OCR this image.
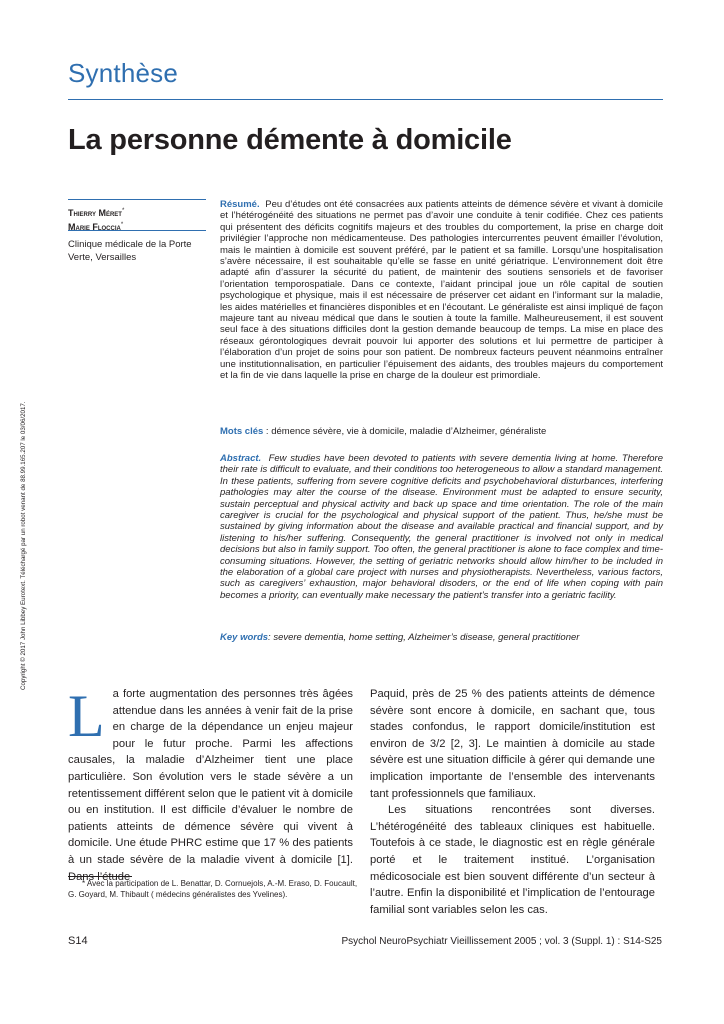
Synthèse
La personne démente à domicile
Thierry Méret*
Marie Floccia*
Clinique médicale de la Porte Verte, Versailles
Copyright © 2017 John Libbey Eurotext. Téléchargé par un robot venant de 88.99.165.207 le 03/06/2017.
Résumé. Peu d’études ont été consacrées aux patients atteints de démence sévère et vivant à domicile et l’hétérogénéité des situations ne permet pas d’avoir une conduite à tenir codifiée. Chez ces patients qui présentent des déficits cognitifs majeurs et des troubles du comportement, la prise en charge doit privilégier l’approche non médicamenteuse. Des pathologies intercurrentes peuvent émailler l’évolution, mais le maintien à domicile est souvent préféré, par le patient et sa famille. Lorsqu’une hospitalisation s’avère nécessaire, il est souhaitable qu’elle se fasse en unité gériatrique. L’environnement doit être adapté afin d’assurer la sécurité du patient, de maintenir des soutiens sensoriels et de favoriser l’orientation temporospatiale. Dans ce contexte, l’aidant principal joue un rôle capital de soutien psychologique et physique, mais il est nécessaire de préserver cet aidant en l’informant sur la maladie, les aides matérielles et financières disponibles et en l’écoutant. Le généraliste est ainsi impliqué de façon majeure tant au niveau médical que dans le soutien à toute la famille. Malheureusement, il est souvent seul face à des situations difficiles dont la gestion demande beaucoup de temps. La mise en place des réseaux gérontologiques devrait pouvoir lui apporter des solutions et lui permettre de participer à l’élaboration d’un projet de soins pour son patient. De nombreux facteurs peuvent néanmoins entraîner une institutionnalisation, en particulier l’épuisement des aidants, des troubles majeurs du comportement et la fin de vie dans laquelle la prise en charge de la douleur est primordiale.
Mots clés : démence sévère, vie à domicile, maladie d’Alzheimer, généraliste
Abstract. Few studies have been devoted to patients with severe dementia living at home. Therefore their rate is difficult to evaluate, and their conditions too heterogeneous to allow a standard management. In these patients, suffering from severe cognitive deficits and psychobehavioral disturbances, interfering pathologies may alter the course of the disease. Environment must be adapted to ensure security, sustain perceptual and physical activity and back up space and time orientation. The role of the main caregiver is crucial for the psychological and physical support of the patient. Thus, he/she must be sustained by giving information about the disease and available practical and financial support, and by listening to his/her suffering. Consequently, the general practitioner is involved not only in medical decisions but also in family support. Too often, the general practitioner is alone to face complex and time-consuming situations. However, the setting of geriatric networks should allow him/her to be included in the elaboration of a global care project with nurses and physiotherapists. Nevertheless, various factors, such as caregivers’ exhaustion, major behavioral disoders, or the end of life when coping with pain becomes a priority, can eventually make necessary the patient’s transfer into a geriatric facility.
Key words: severe dementia, home setting, Alzheimer’s disease, general practitioner

La forte augmentation des personnes très âgées attendue dans les années à venir fait de la prise en charge de la dépendance un enjeu majeur pour le futur proche. Parmi les affections causales, la maladie d’Alzheimer tient une place particulière. Son évolution vers le stade sévère a un retentissement différent selon que le patient vit à domicile ou en institution. Il est difficile d’évaluer le nombre de patients atteints de démence sévère qui vivent à domicile. Une étude PHRC estime que 17 % des patients à un stade sévère de la maladie vivent à domicile [1]. Dans l’étude

Paquid, près de 25 % des patients atteints de démence sévère sont encore à domicile, en sachant que, tous stades confondus, le rapport domicile/institution est environ de 3/2 [2, 3]. Le maintien à domicile au stade sévère est une situation difficile à gérer qui demande une implication importante de l’ensemble des intervenants tant professionnels que familiaux.

Les situations rencontrées sont diverses. L’hétérogénéité des tableaux cliniques est habituelle. Toutefois à ce stade, le diagnostic est en règle générale porté et le traitement institué. L’organisation médicosociale est bien souvent différente d’un secteur à l’autre. Enfin la disponibilité et l’implication de l’entourage familial sont variables selon les cas.

* Avec la participation de L. Benattar, D. Cornuejols, A.-M. Eraso, D. Foucault, G. Goyard, M. Thibault ( médecins généralistes des Yvelines).
S14	Psychol NeuroPsychiatr Vieillissement 2005 ; vol. 3 (Suppl. 1) : S14-S25
